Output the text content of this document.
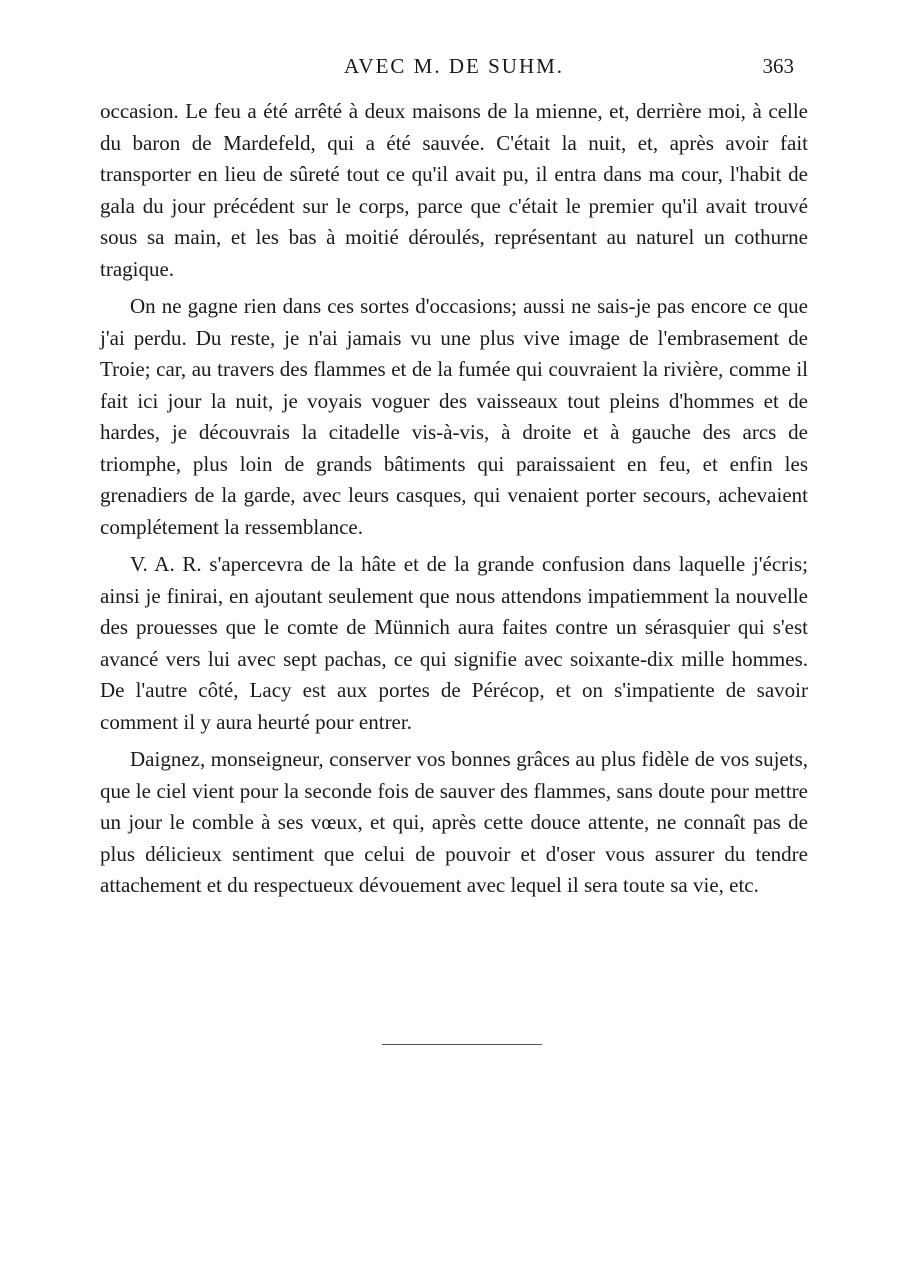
AVEC M. DE SUHM.	363

occasion. Le feu a été arrêté à deux maisons de la mienne, et, derrière moi, à celle du baron de Mardefeld, qui a été sauvée. C'était la nuit, et, après avoir fait transporter en lieu de sûreté tout ce qu'il avait pu, il entra dans ma cour, l'habit de gala du jour précédent sur le corps, parce que c'était le premier qu'il avait trouvé sous sa main, et les bas à moitié déroulés, représentant au naturel un cothurne tragique.

On ne gagne rien dans ces sortes d'occasions; aussi ne sais-je pas encore ce que j'ai perdu. Du reste, je n'ai jamais vu une plus vive image de l'embrasement de Troie; car, au travers des flammes et de la fumée qui couvraient la rivière, comme il fait ici jour la nuit, je voyais voguer des vaisseaux tout pleins d'hommes et de hardes, je découvrais la citadelle vis-à-vis, à droite et à gauche des arcs de triomphe, plus loin de grands bâtiments qui paraissaient en feu, et enfin les grenadiers de la garde, avec leurs casques, qui venaient porter secours, achevaient complétement la ressemblance.

V. A. R. s'apercevra de la hâte et de la grande confusion dans laquelle j'écris; ainsi je finirai, en ajoutant seulement que nous attendons impatiemment la nouvelle des prouesses que le comte de Münnich aura faites contre un sérasquier qui s'est avancé vers lui avec sept pachas, ce qui signifie avec soixante-dix mille hommes. De l'autre côté, Lacy est aux portes de Pérécop, et on s'impatiente de savoir comment il y aura heurté pour entrer.

Daignez, monseigneur, conserver vos bonnes grâces au plus fidèle de vos sujets, que le ciel vient pour la seconde fois de sauver des flammes, sans doute pour mettre un jour le comble à ses vœux, et qui, après cette douce attente, ne connaît pas de plus délicieux sentiment que celui de pouvoir et d'oser vous assurer du tendre attachement et du respectueux dévouement avec lequel il sera toute sa vie, etc.
